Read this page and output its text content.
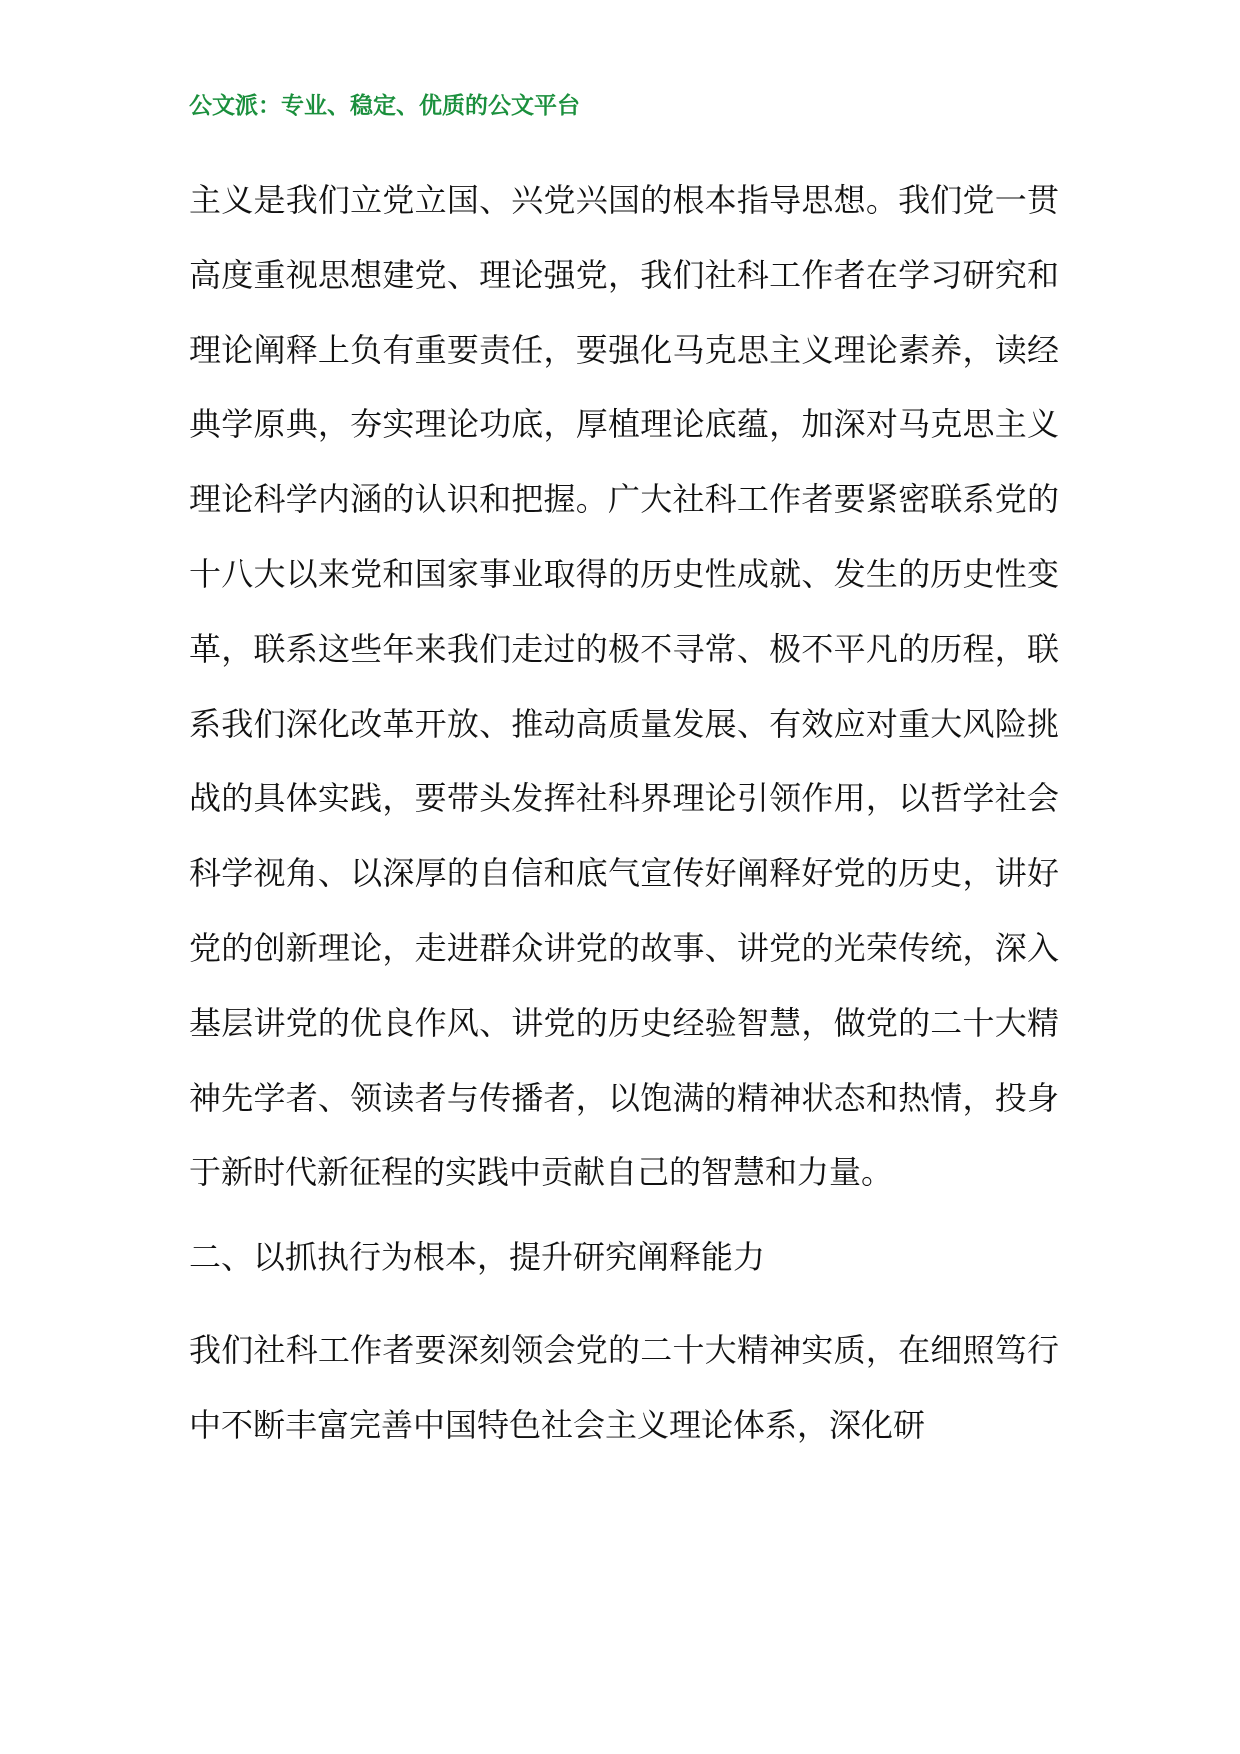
公文派：专业、稳定、优质的公文平台

主义是我们立党立国、兴党兴国的根本指导思想。我们党一贯高度重视思想建党、理论强党，我们社科工作者在学习研究和理论阐释上负有重要责任，要强化马克思主义理论素养，读经典学原典，夯实理论功底，厚植理论底蕴，加深对马克思主义理论科学内涵的认识和把握。广大社科工作者要紧密联系党的十八大以来党和国家事业取得的历史性成就、发生的历史性变革，联系这些年来我们走过的极不寻常、极不平凡的历程，联系我们深化改革开放、推动高质量发展、有效应对重大风险挑战的具体实践，要带头发挥社科界理论引领作用，以哲学社会科学视角、以深厚的自信和底气宣传好阐释好党的历史，讲好党的创新理论，走进群众讲党的故事、讲党的光荣传统，深入基层讲党的优良作风、讲党的历史经验智慧，做党的二十大精神先学者、领读者与传播者，以饱满的精神状态和热情，投身于新时代新征程的实践中贡献自己的智慧和力量。

二、以抓执行为根本，提升研究阐释能力

我们社科工作者要深刻领会党的二十大精神实质，在细照笃行中不断丰富完善中国特色社会主义理论体系，深化研
